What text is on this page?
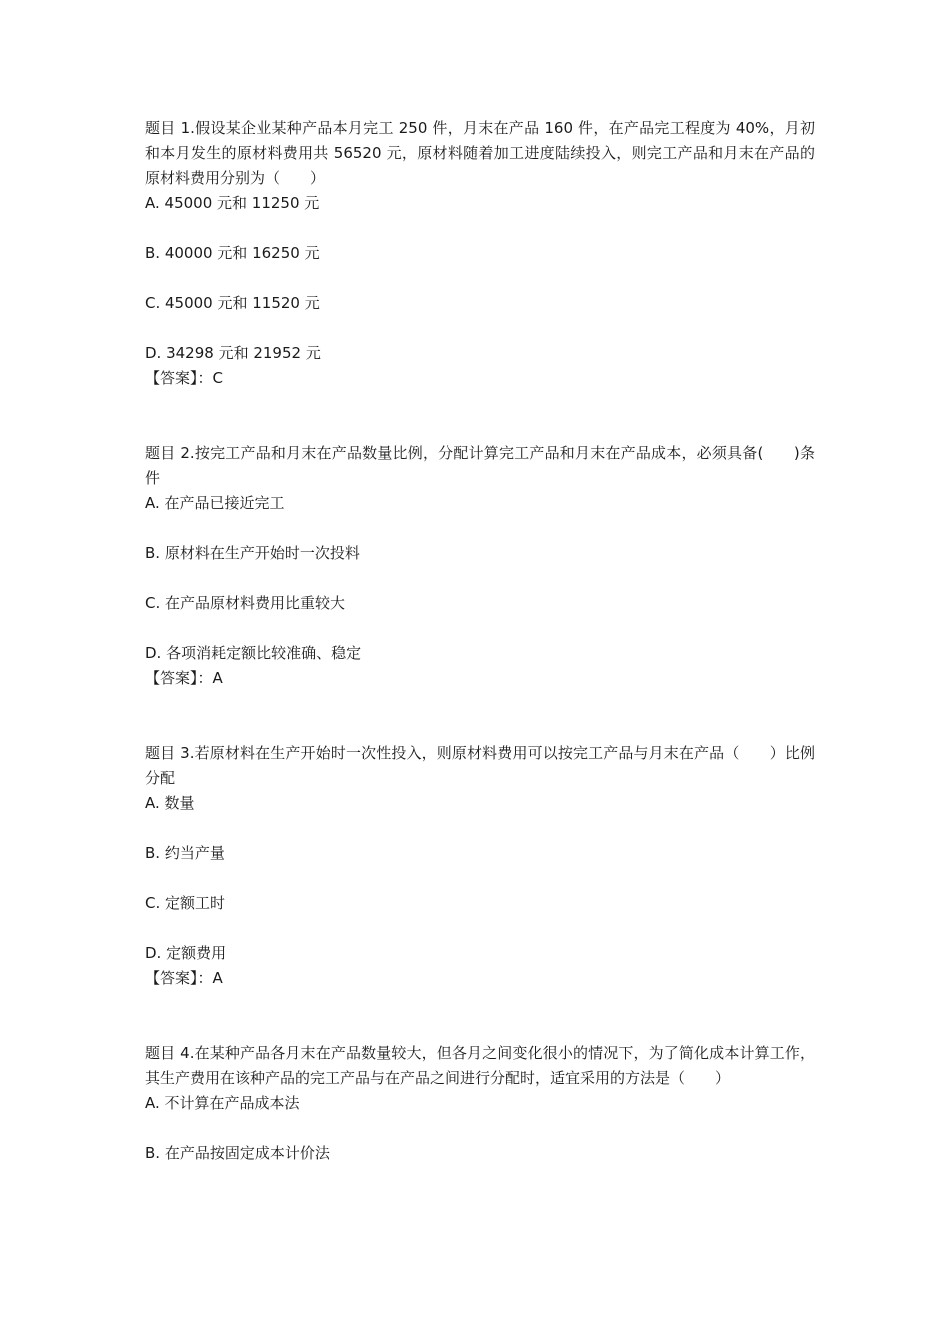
题目 1.假设某企业某种产品本月完工 250 件，月末在产品 160 件，在产品完工程度为 40%，月初和本月发生的原材料费用共 56520 元，原材料随着加工进度陆续投入，则完工产品和月末在产品的原材料费用分别为（　　）

A. 45000 元和 11250 元

B. 40000 元和 16250 元

C. 45000 元和 11520 元

D. 34298 元和 21952 元

【答案】：C

题目 2.按完工产品和月末在产品数量比例，分配计算完工产品和月末在产品成本，必须具备(　　)条件

A. 在产品已接近完工

B. 原材料在生产开始时一次投料

C. 在产品原材料费用比重较大

D. 各项消耗定额比较准确、稳定

【答案】：A

题目 3.若原材料在生产开始时一次性投入，则原材料费用可以按完工产品与月末在产品（　　）比例分配

A. 数量

B. 约当产量

C. 定额工时

D. 定额费用

【答案】：A

题目 4.在某种产品各月末在产品数量较大，但各月之间变化很小的情况下，为了简化成本计算工作，其生产费用在该种产品的完工产品与在产品之间进行分配时，适宜采用的方法是（　　）

A. 不计算在产品成本法

B. 在产品按固定成本计价法
